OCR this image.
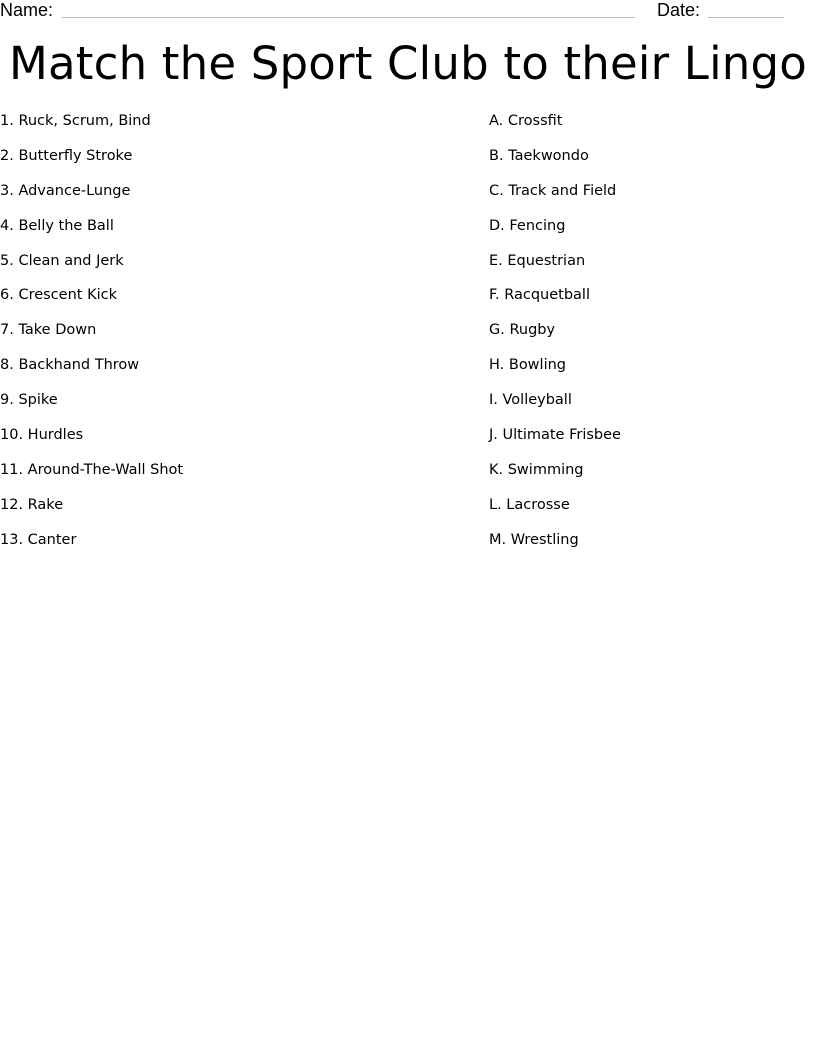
Name:	Date:
Match the Sport Club to their Lingo
1. Ruck, Scrum, Bind
2. Butterfly Stroke
3. Advance-Lunge
4. Belly the Ball
5. Clean and Jerk
6. Crescent Kick
7. Take Down
8. Backhand Throw
9. Spike
10. Hurdles
11. Around-The-Wall Shot
12. Rake
13. Canter
A. Crossfit
B. Taekwondo
C. Track and Field
D. Fencing
E. Equestrian
F. Racquetball
G. Rugby
H. Bowling
I. Volleyball
J. Ultimate Frisbee
K. Swimming
L. Lacrosse
M. Wrestling
